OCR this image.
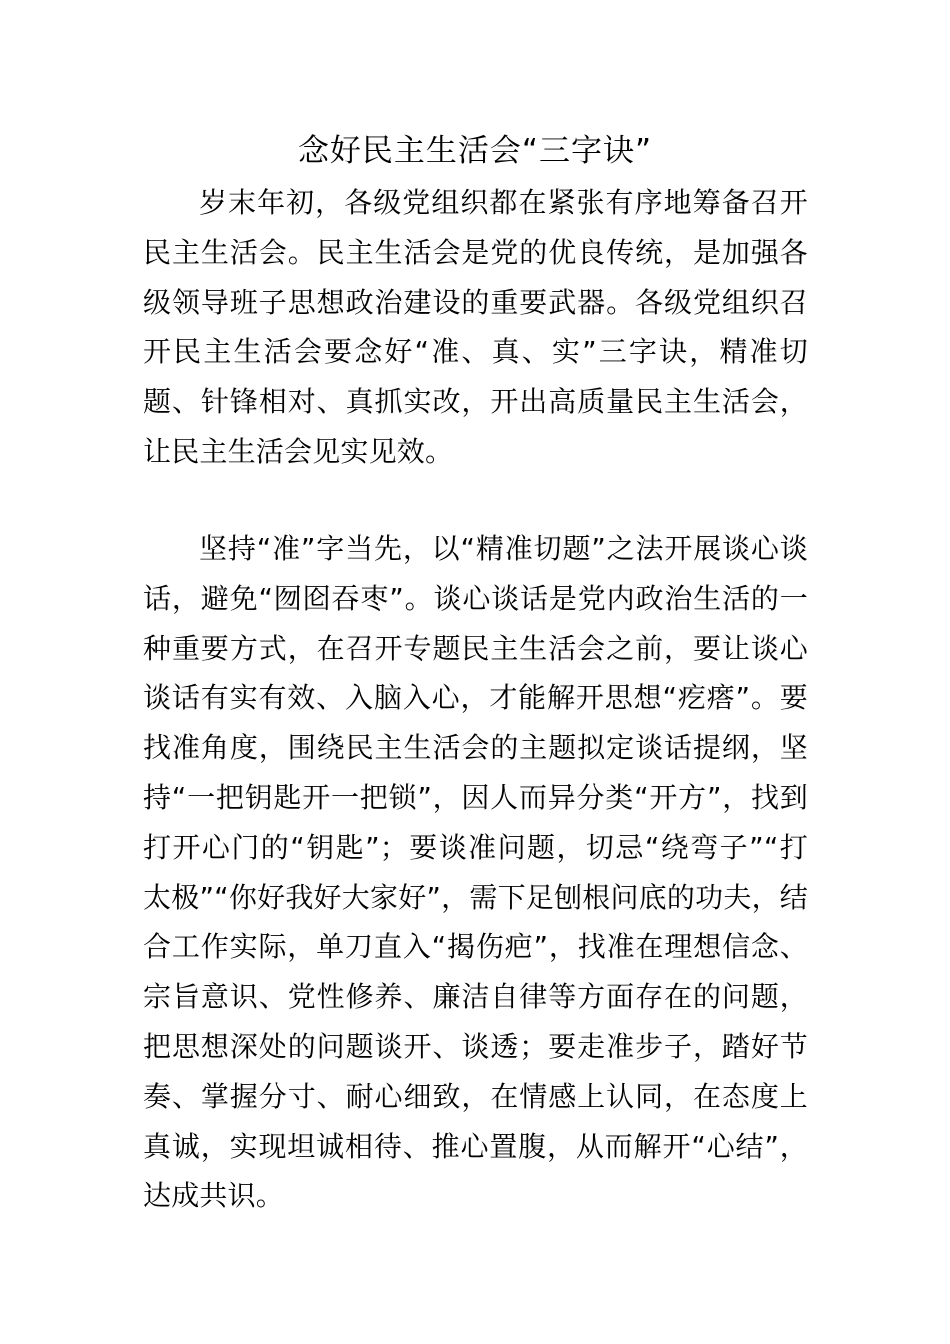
念好民主生活会“三字诀”

岁末年初，各级党组织都在紧张有序地筹备召开民主生活会。民主生活会是党的优良传统，是加强各级领导班子思想政治建设的重要武器。各级党组织召开民主生活会要念好“准、真、实”三字诀，精准切题、针锋相对、真抓实改，开出高质量民主生活会，让民主生活会见实见效。

坚持“准”字当先，以“精准切题”之法开展谈心谈话，避免“囫囵吞枣”。谈心谈话是党内政治生活的一种重要方式，在召开专题民主生活会之前，要让谈心谈话有实有效、入脑入心，才能解开思想“疙瘩”。要找准角度，围绕民主生活会的主题拟定谈话提纲，坚持“一把钥匙开一把锁”，因人而异分类“开方”，找到打开心门的“钥匙”；要谈准问题，切忌“绕弯子”“打太极”“你好我好大家好”，需下足刨根问底的功夫，结合工作实际，单刀直入“揭伤疤”，找准在理想信念、宗旨意识、党性修养、廉洁自律等方面存在的问题，把思想深处的问题谈开、谈透；要走准步子，踏好节奏、掌握分寸、耐心细致，在情感上认同，在态度上真诚，实现坦诚相待、推心置腹，从而解开“心结”，达成共识。
